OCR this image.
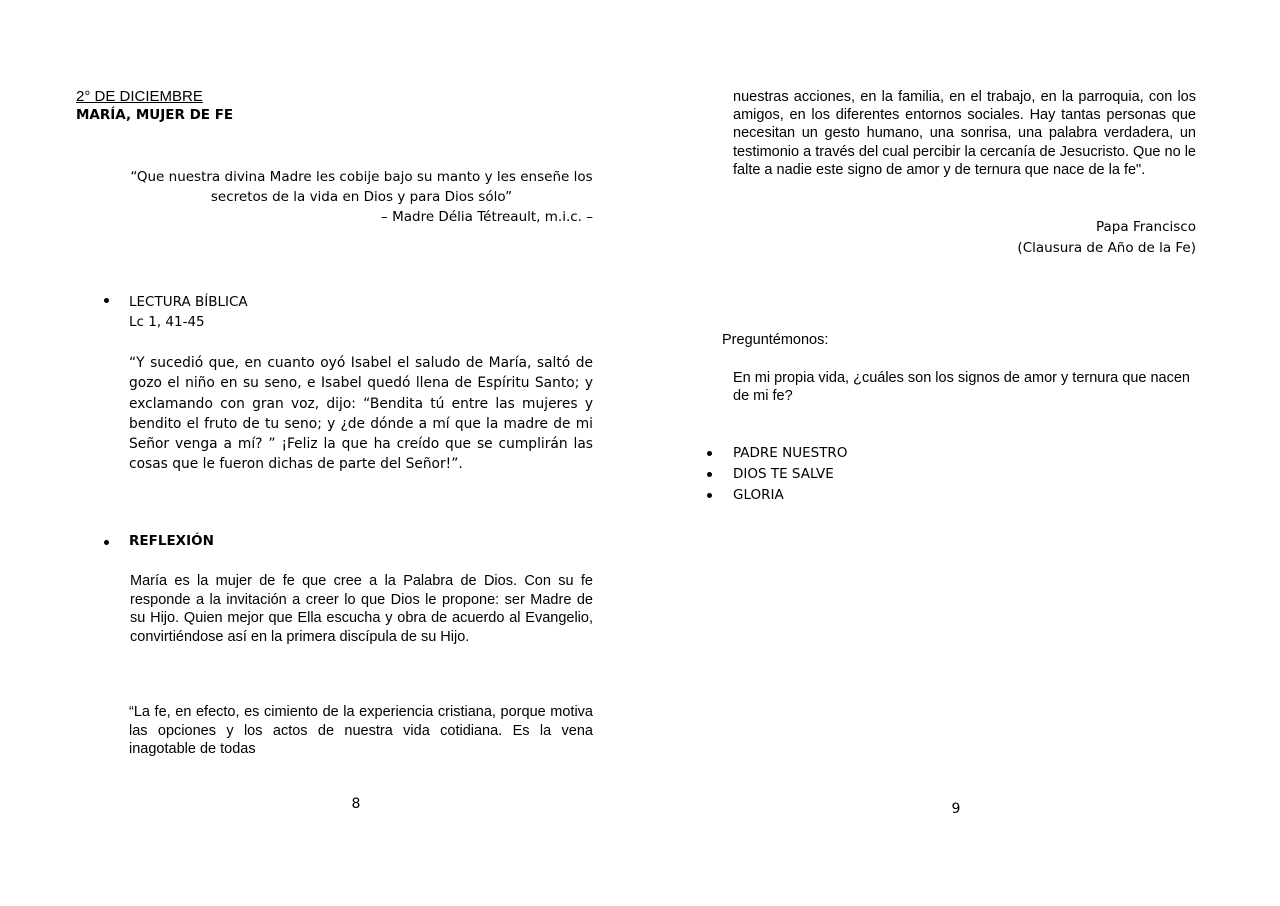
2° DE DICIEMBRE
MARÍA, MUJER DE FE
“Que nuestra divina Madre les cobije bajo su manto y les enseñe los secretos de la vida en Dios y para Dios sólo”
– Madre Délia Tétreault, m.i.c. –
LECTURA BÍBLICA
Lc 1, 41-45
“Y sucedió que, en cuanto oyó Isabel el saludo de María, saltó de gozo el niño en su seno, e Isabel quedó llena de Espíritu Santo; y exclamando con gran voz, dijo: “Bendita tú entre las mujeres y bendito el fruto de tu seno; y ¿de dónde a mí que la madre de mi Señor venga a mí? ” ¡Feliz la que ha creído que se cumplirán las cosas que le fueron dichas de parte del Señor!”.
REFLEXIÓN
María es la mujer de fe que cree a la Palabra de Dios. Con su fe responde a la invitación a creer lo que Dios le propone: ser Madre de su Hijo. Quien mejor que Ella escucha y obra de acuerdo al Evangelio, convirtiéndose así en la primera discípula de su Hijo.
“La fe, en efecto, es cimiento de la experiencia cristiana, porque motiva las opciones y los actos de nuestra vida cotidiana. Es la vena inagotable de todas
8
nuestras acciones, en la familia, en el trabajo, en la parroquia, con los amigos, en los diferentes entornos sociales. Hay tantas personas que necesitan un gesto humano, una sonrisa, una palabra verdadera, un testimonio a través del cual percibir la cercanía de Jesucristo. Que no le falte a nadie este signo de amor y de ternura que nace de la fe".
Papa Francisco
(Clausura de Año de la Fe)
Preguntémonos:
En mi propia vida, ¿cuáles son los signos de amor y ternura que nacen de mi fe?
PADRE NUESTRO
DIOS TE SALVE
GLORIA
9
